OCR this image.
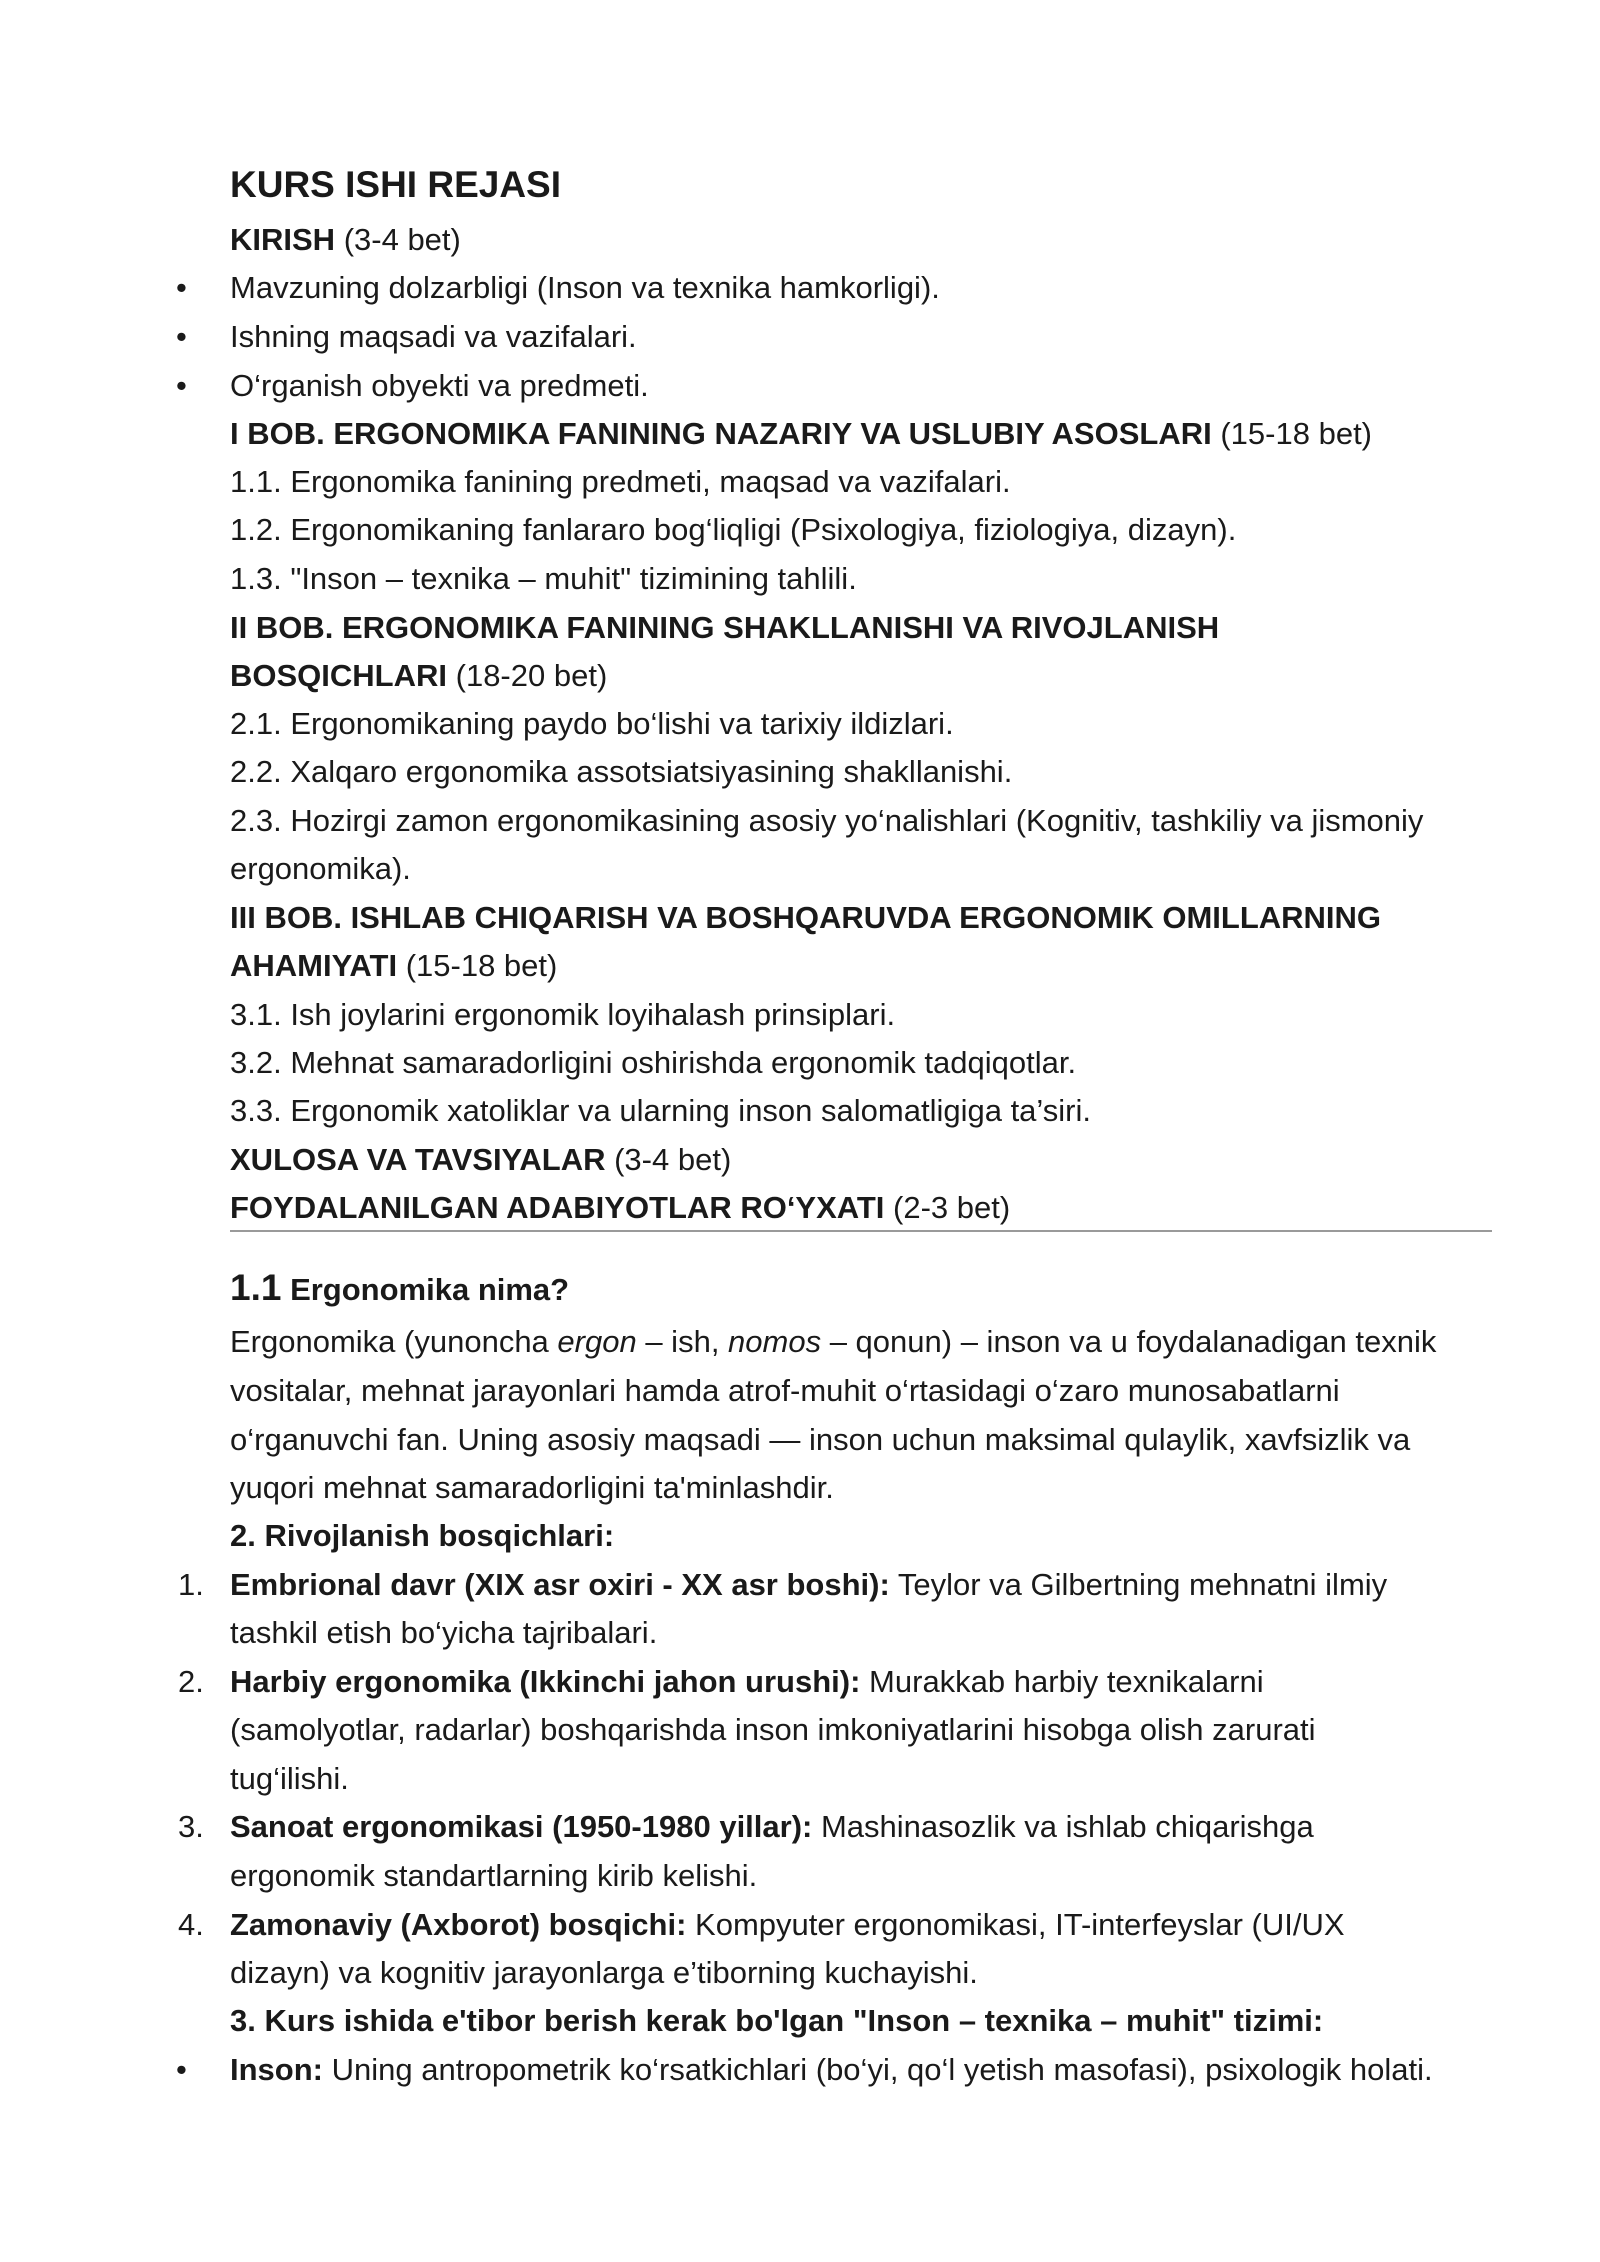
KURS ISHI REJASI
KIRISH (3-4 bet)
• Mavzuning dolzarbligi (Inson va texnika hamkorligi).
• Ishning maqsadi va vazifalari.
• O‘rganish obyekti va predmeti.
I BOB. ERGONOMIKA FANINING NAZARIY VA USLUBIY ASOSLARI (15-18 bet)
1.1. Ergonomika fanining predmeti, maqsad va vazifalari.
1.2. Ergonomikaning fanlararo bog‘liqligi (Psixologiya, fiziologiya, dizayn).
1.3. "Inson – texnika – muhit" tizimining tahlili.
II BOB. ERGONOMIKA FANINING SHAKLLANISHI VA RIVOJLANISH
BOSQICHLARI (18-20 bet)
2.1. Ergonomikaning paydo bo‘lishi va tarixiy ildizlari.
2.2. Xalqaro ergonomika assotsiatsiyasining shakllanishi.
2.3. Hozirgi zamon ergonomikasining asosiy yo‘nalishlari (Kognitiv, tashkiliy va jismoniy
ergonomika).
III BOB. ISHLAB CHIQARISH VA BOSHQARUVDA ERGONOMIK OMILLARNING
AHAMIYATI (15-18 bet)
3.1. Ish joylarini ergonomik loyihalash prinsiplari.
3.2. Mehnat samaradorligini oshirishda ergonomik tadqiqotlar.
3.3. Ergonomik xatoliklar va ularning inson salomatligiga ta’siri.
XULOSA VA TAVSIYALAR (3-4 bet)
FOYDALANILGAN ADABIYOTLAR RO‘YXATI (2-3 bet)
1.1 Ergonomika nima?
Ergonomika (yunoncha ergon – ish, nomos – qonun) – inson va u foydalanadigan texnik
vositalar, mehnat jarayonlari hamda atrof-muhit o‘rtasidagi o‘zaro munosabatlarni
o‘rganuvchi fan. Uning asosiy maqsadi — inson uchun maksimal qulaylik, xavfsizlik va
yuqori mehnat samaradorligini ta'minlashdir.
2. Rivojlanish bosqichlari:
1. Embrional davr (XIX asr oxiri - XX asr boshi): Teylor va Gilbertning mehnatni ilmiy
tashkil etish bo‘yicha tajribalari.
2. Harbiy ergonomika (Ikkinchi jahon urushi): Murakkab harbiy texnikalarni
(samolyotlar, radarlar) boshqarishda inson imkoniyatlarini hisobga olish zarurati
tug‘ilishi.
3. Sanoat ergonomikasi (1950-1980 yillar): Mashinasozlik va ishlab chiqarishga
ergonomik standartlarning kirib kelishi.
4. Zamonaviy (Axborot) bosqichi: Kompyuter ergonomikasi, IT-interfeyslar (UI/UX
dizayn) va kognitiv jarayonlarga e’tiborning kuchayishi.
3. Kurs ishida e'tibor berish kerak bo'lgan "Inson – texnika – muhit" tizimi:
• Inson: Uning antropometrik ko‘rsatkichlari (bo‘yi, qo‘l yetish masofasi), psixologik holati.
